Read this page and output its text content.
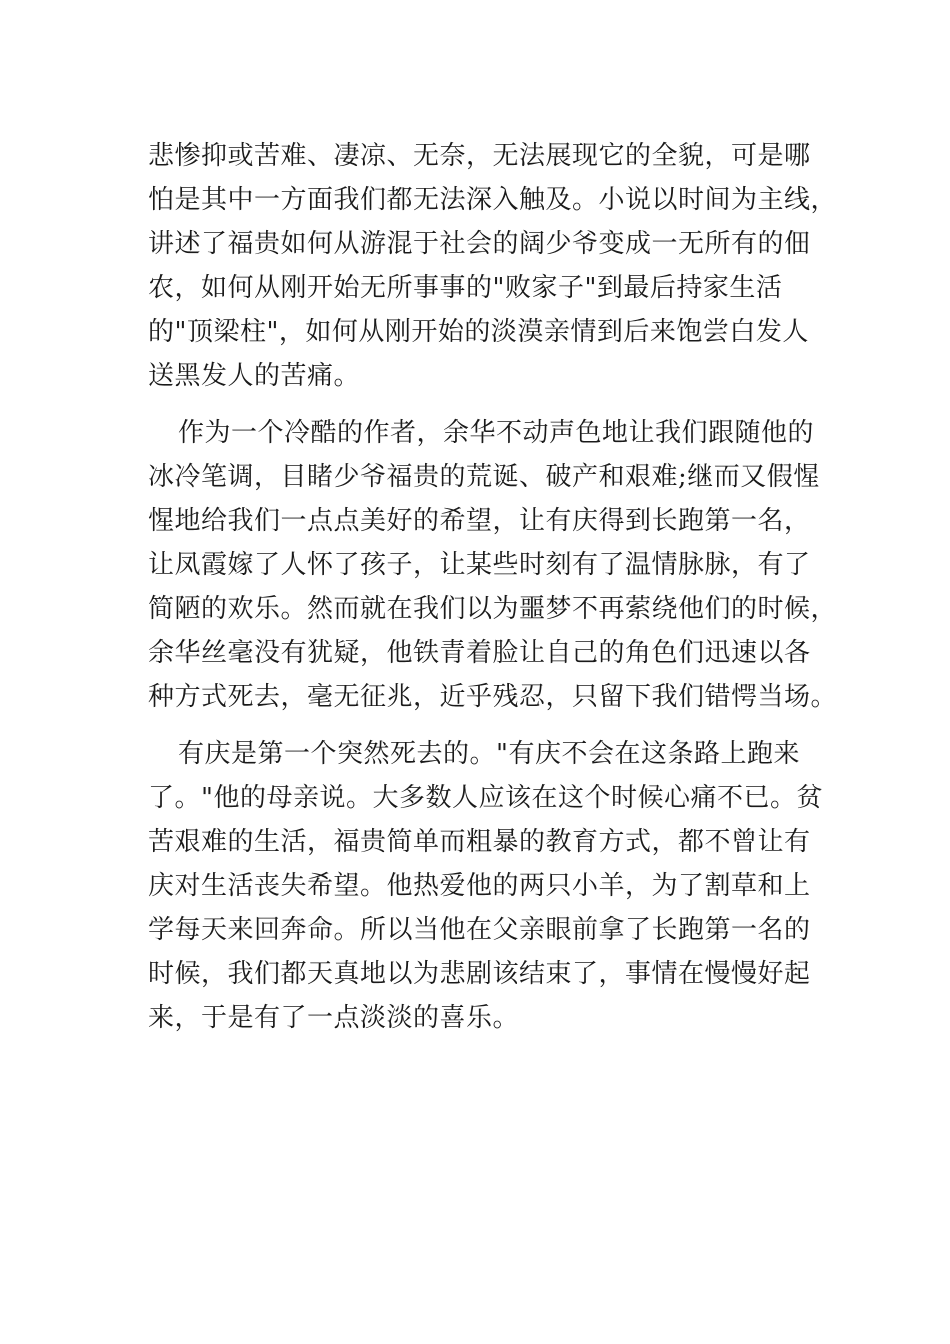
悲惨抑或苦难、凄凉、无奈，无法展现它的全貌，可是哪
怕是其中一方面我们都无法深入触及。小说以时间为主线，
讲述了福贵如何从游混于社会的阔少爷变成一无所有的佃
农，如何从刚开始无所事事的"败家子"到最后持家生活
的"顶梁柱"，如何从刚开始的淡漠亲情到后来饱尝白发人
送黑发人的苦痛。
作为一个冷酷的作者，余华不动声色地让我们跟随他的
冰冷笔调，目睹少爷福贵的荒诞、破产和艰难;继而又假惺
惺地给我们一点点美好的希望，让有庆得到长跑第一名，
让凤霞嫁了人怀了孩子，让某些时刻有了温情脉脉，有了
简陋的欢乐。然而就在我们以为噩梦不再萦绕他们的时候，
余华丝毫没有犹疑，他铁青着脸让自己的角色们迅速以各
种方式死去，毫无征兆，近乎残忍，只留下我们错愕当场。
有庆是第一个突然死去的。"有庆不会在这条路上跑来
了。"他的母亲说。大多数人应该在这个时候心痛不已。贫
苦艰难的生活，福贵简单而粗暴的教育方式，都不曾让有
庆对生活丧失希望。他热爱他的两只小羊，为了割草和上
学每天来回奔命。所以当他在父亲眼前拿了长跑第一名的
时候，我们都天真地以为悲剧该结束了，事情在慢慢好起
来，于是有了一点淡淡的喜乐。
